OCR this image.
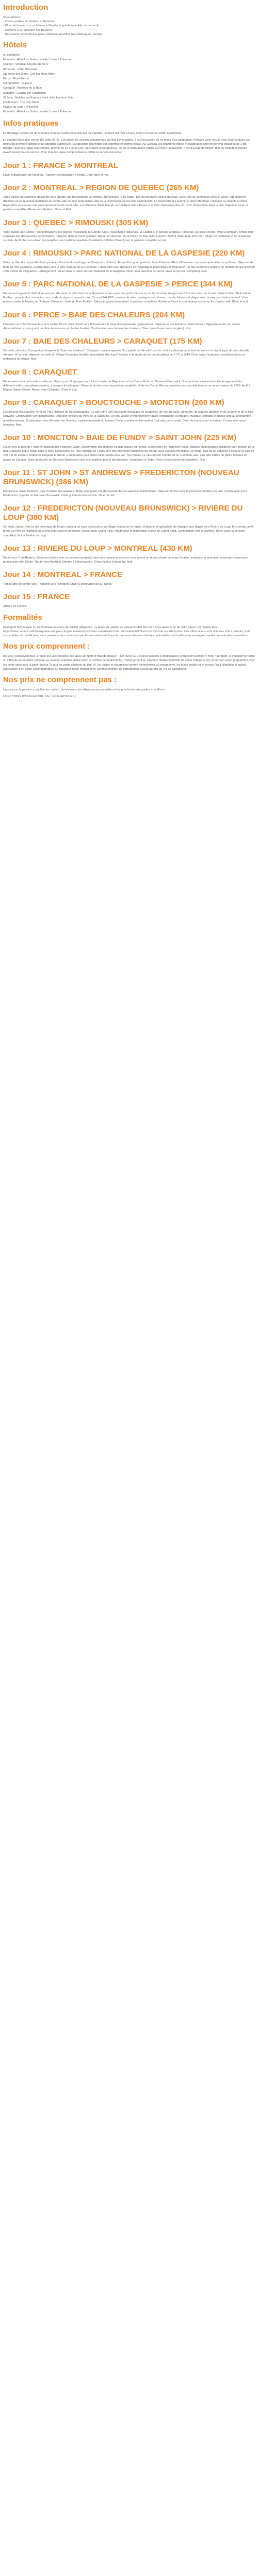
Introduction
Vous aimerez :
- Visites guidées de Québec et Montréal
- Dîner de homard sur un bateau à Shediac (capitale mondiale du homard)
- Croisière à la rencontre des Baleines
- Découverte de nombreux parcs nationaux (Forillon, Kouchibouguac, Fundy)
Hôtels
ou similaires)
Montréal : Hôtel Les Suites Labelle / Lotus / Roberval
Québec : Chateau Royale/ Henri IV
Rimouski : Hôtel Rimouski
Ste Anne des Mont : Gîte Du Mont Albert
Percé : Riotel Percé
Campbellton : Super 8
Caraquet : Auberge de la Baie
Moncton : Coastal Inn Champlain
St John : Holiday Inn Express Saint John Harbour Side
Fredericton : The City Motel
Rivière du Loup : Universel
Montréal : Hôtel Les Suites Labelle / Lotus / Roberval
Infos pratiques

Le décalage horaire est de 6 heures entre la France et la côte Est du Canada. Lorsqu'il est midi à Paris, il est 6 heures du matin à Montréal.

Le courant électrique est en 110 volts 60 HZ. Les prises de courant canadiennes ont des fiches plates, il est nécessaire de se munir d'un adaptateur. Pendant votre circuit, vous logerez dans des hôtels de première catégorie ou catégorie supérieure. La catégorie des hôtels est exprimée en norme locale. Au Canada, les chambres triples et quadruples sont en général équipées de 2 lits. Budget : pour les repas non compris, prévoir de 15 à 35 $ CAD (plus taxes et pourboires), les de la restauration rapide aux bons restaurants. Il est d'usage de laisser 15% du total de la facture (avant taxes) pour le service. Pour tous les repas compris dans le forfait, le service est inclus.

Jour 1 : FRANCE > MONTREAL

Envol à destination de Montréal. Transfert et installation à l'hôtel. Dîner libre et nuit.

Jour 2 : MONTREAL > REGION DE QUEBEC (265 KM)

Visite guidée de Montréal, deuxième plus grande ville francophone au monde, prénommée "Ville-Marie" par les pionniers colons français. Cette ville de contrastes avec le Vieux Port empreint d'histoire et les quartiers modernes du centre-ville est une surprenante ville où la technologie et une ville cosmopolite. Le boulevard St-Laurent, le Vieux Montréal, l'Oratoire St-Joseph, le Mont Royal d'où vous aurez une vue impressionnante sur la ville, sur l'Oratoire Saint-Joseph, la Basilique Notre-Dame et le Parc Olympique des JO 1976. Temps libre dans la ville. Déjeuner (avec la pension complète). Route vers Québec. Dîner et Nuit.

Jour 3 : QUEBEC > RIMOUSKI (305 KM)

Visite guidée de Québec : les fortifications, les plaines d'Abraham, la Grande Allée, l'Assemblée Nationale, la Citadelle, le fameux Château Frontenac, la Place Royale, Petit Champlain. Temps libre consacré aux découvertes personnelles. Déjeuner dans le Vieux Québec. Départ en direction de la région du Bas Saint-Laurent. Arrêt à Saint-Jean-Port-Joli : village de l'artisanat et de sculptures sur bois. Arrêt chez un artisan qui perpétue une tradition populaire. Installation à l'hôtel. Dîner (avec la pension complète) et nuit.

Jour 4 : RIMOUSKI > PARC NATIONAL DE LA GASPESIE (220 KM)

Visite du Site Historique Maritime qui relate l'histoire du naufrage de l'Empress of Ireland. Temps libre pour gravir le phare Pointe-au-Père (33m) avec une vue imprenable sur le fleuve. Déjeuner de fruits de mer à Matane. Continuation vers le parc national de la Gaspésie. Temps libre pour découvrir de magnifiques panoramas et emprunter l'un des nombreux sentiers de randonnée qui arborent votre centre de villégiature. Hébergement nature dans le cœur du Parc National de la Gaspésie. Dîner pour savourer du terroir (avec la pension complète). Nuit.

Jour 5 : PARC NATIONAL DE LA GASPESIE > PERCE (344 KM)

Départ en longeant le Saint-Laurent pour découvrir la côte front de la Gaspésie et ses superbes points de vue sur le fleuve et les rivages vers l'à la rencontre de la mer. Visite du Parc National de Forillon : paradis des ours noirs, tons, cerfs de vigne et renards roux. Ce sont 244 KM² couverts de sites montagneuses, dunes, marais, falaises et plages avec la mer pour tabou de fond. Vous pourrez visiter le Musée de l'Abbaye. Déjeuner. Visite du Parc Forillon. Déjeuner pique-nique (avec la pension complète). Arrivée à Percé et son fameux rocher en fin d'après-midi. Dîner et nuit.

Jour 6 : PERCE > BAIE DES CHALEURS (204 KM)

Croisière vers l'île Bonaventure et le rocher Percé. Puis départ vers Bonaventure le long de la péninsule gaspésienne. Déjeuner à Bonaventure. Visite du Parc Miguasha et de son centre d'interprétation et son grand nombre de poissons et plantes fossiles. Continuation vers la baie des chaleurs. Dîner (avec la pension complète). Nuit.

Jour 7 : BAIE DES CHALEURS > CARAQUET (175 KM)

Ce matin, direction Caraquet, en longeant la "baie des chaleurs". Caraquet, souvent appelée "la capitale de l'Acadie", est un centre culturel pour le fruit de mer et un vivant foyer de vie culturelle vibrante. À l'arrivée, déjeuner et visite du Village Historique Acadien reconstitué décrivant l'histoire et le mode de vie des Acadiens de 1770 à 1949. Dîner (avec la pension complète) dans un restaurant du village. Nuit.

Jour 8 : CARAQUET

Découverte de la péninsule acadienne. Départ pour Shippagan pour faire la visite de l'Aquarium et du Centre Marin du Nouveau Brunswick. Vous pourrez ainsi admirer l'aménagement des différents milieux aquatiques marins, y compris les phoques. Déjeuner (inclus avec la pension complète). Visite de l'île de Miscou, reposée pour ses fabuleux et son phare datant de 1856. Arrêt à l'Église Sainte-Cécile. Retour vers Caraquet. Dîner et nuit.

Jour 9 : CARAQUET > BOUCTOUCHE > MONCTON (260 KM)

Départ pour Bouctouche. Arrêt au Parc National de Kouchibouguac. Ce parc offre une fascinante mosaïque de tourbières, de marais salés, de forêts, de lagunes abritées et de la dune et de la flore sauvage. Continuation vers Bouctouche. Déjeuner et visite du Pays de la Sagouine. Un vrai village environnement naturel enchanteur, ou théâtre, musique, comédie et danse sont au programme quotidiennement. Continuation vers Moncton via Shediac, capitale mondiale du homard. Belle croisière en Homard et Cadi auto vers comté. Dîner de homard sur le bateau. Continuation pour Moncton. Nuit.

Jour 10 : MONCTON > BAIE DE FUNDY > SAINT JOHN (225 KM)

Route vers la Baie de Fundy en passant par Hopewell Cape. Observation des marées les plus hautes du monde. Découverte de Hopewell Rocks, falaises gigantesques sculptées par l'érosion de la mer. Déjeuner pique-nique dans le parc. Découverte du Parc National de Fundy, une des merveilles naturelles du monde avec ses lacs miroitants, sa chute, plus de 65 espèces d'oiseaux et plus de 150 KM de sentiers pédestres longeant le littoral. Continuation pour Saint-John, rapide pour voir Tour Macro. Le plus ancien marché de la "Common Law" plus vieil édifice du genre toujours en usage au Canada. Visite du musée du Nouveau Brunswick avec une sublime galerie des baleines. Installation à l'hôtel. Dîner (avec la pension complète). Nuit.

Jour 11 : ST JOHN > ST ANDREWS > FREDERICTON (NOUVEAU BRUNSWICK) (386 KM)

Départ pour Saint-Andrews. Puis croisière aux baleines (3h30) pour partir à la découverte de ces superbes mammifères. Déjeuner (inclus avec la pension complète) en ville. Continuation pour Fredericton, capitale du Nouveau Brunswick. Visite guidée de Fredericton. Dîner et nuit.

Jour 12 : FREDERICTON (NOUVEAU BRUNSWICK) > RIVIERE DU LOUP (380 KM)

Ce matin, départ vers la cité historique de King's Landing où vous découvrirez un village typique de la région. Déjeuner et spécialités de l'époque puis départ vers Rivière du Loup. En chemin, arrêt photo au Pont de Hartland, plus long pont couvert au monde. Départ pour Grand Falls, réputé pour le magnifique Gorge de Grand Sault. Continuation vers le Québec. Dîner (avec la pension complète). Nuit à Rivière du Loup.

Jour 13 : RIVIERE DU LOUP > MONTREAL (430 KM)

Route vers Trois-Rivières. Déjeuner (inclus avec la pension complète) dans une cabane à sucre où vous attend un repas à base de sirop d'érable, ambiance et animation musicale typiquement québécoise (été. Dîner). Route vers Montréal. Montée à l'observatoire. Dîner d'adieu à Montréal. Nuit.

Jour 14 : MONTREAL > FRANCE

Temps libre en centre-ville. Transfert vers l'aéroport. Envol à destination de la France.

Jour 15 : FRANCE

Arrivée en France.

Formalités

Passeport biométrique ou électronique en cours de validité obligatoire. La durée de validité du passeport doit être de 6 mois après la fin de votre séjour. Formulaire AVE : https://www.canada.ca/fr/immigration-refugies-citoyennete/services/visiter-canada/ave.html. Formulaire ESTA en cas d'escale aux Etats-Unis. Ces informations sont données à titre indicatif, sont susceptibles de modification sans préavis et ne concernent que les ressortissants français. Les ressortissants d'autres nationalités sont invités à se renseigner auprès des autorités consulaires.

Nos prix comprennent :

les vols France/Montréal / France sur vols réguliers, les taxes aéroport et frais de dossier - 400 euros au 01/03/18 (soumis à modification), le transfert aéroport / hôtel / aéroport, le transport terrestre en véhicule de tourisme (minibus ou autocar Grand tourisme selon le nombre de participants), l'hébergement en chambre double en hôtels de 3ème catégorie (nl), la pension selon programme avec les petits déjeuners (à partir du jour 2) sauf les petits déjeuner du jour 14, les visites et excursions comme mentionnées au programme, les taxes locales et le service (sauf chauffeur et guide), l'assistance d'un guide accompagnateur ou chauffeur-guide francophone (selon le nombre de participants). Circuit garanti de 2 à 35 participants.

Nos prix ne comprennent pas :

l'assurance, la pension complète (en option), les boissons, les dépenses personnelles et les pourboires aux guides, chauffeurs.

CONDITIONS D'ANNULATION : CF. ( VOIR ARTICLE 4 )
